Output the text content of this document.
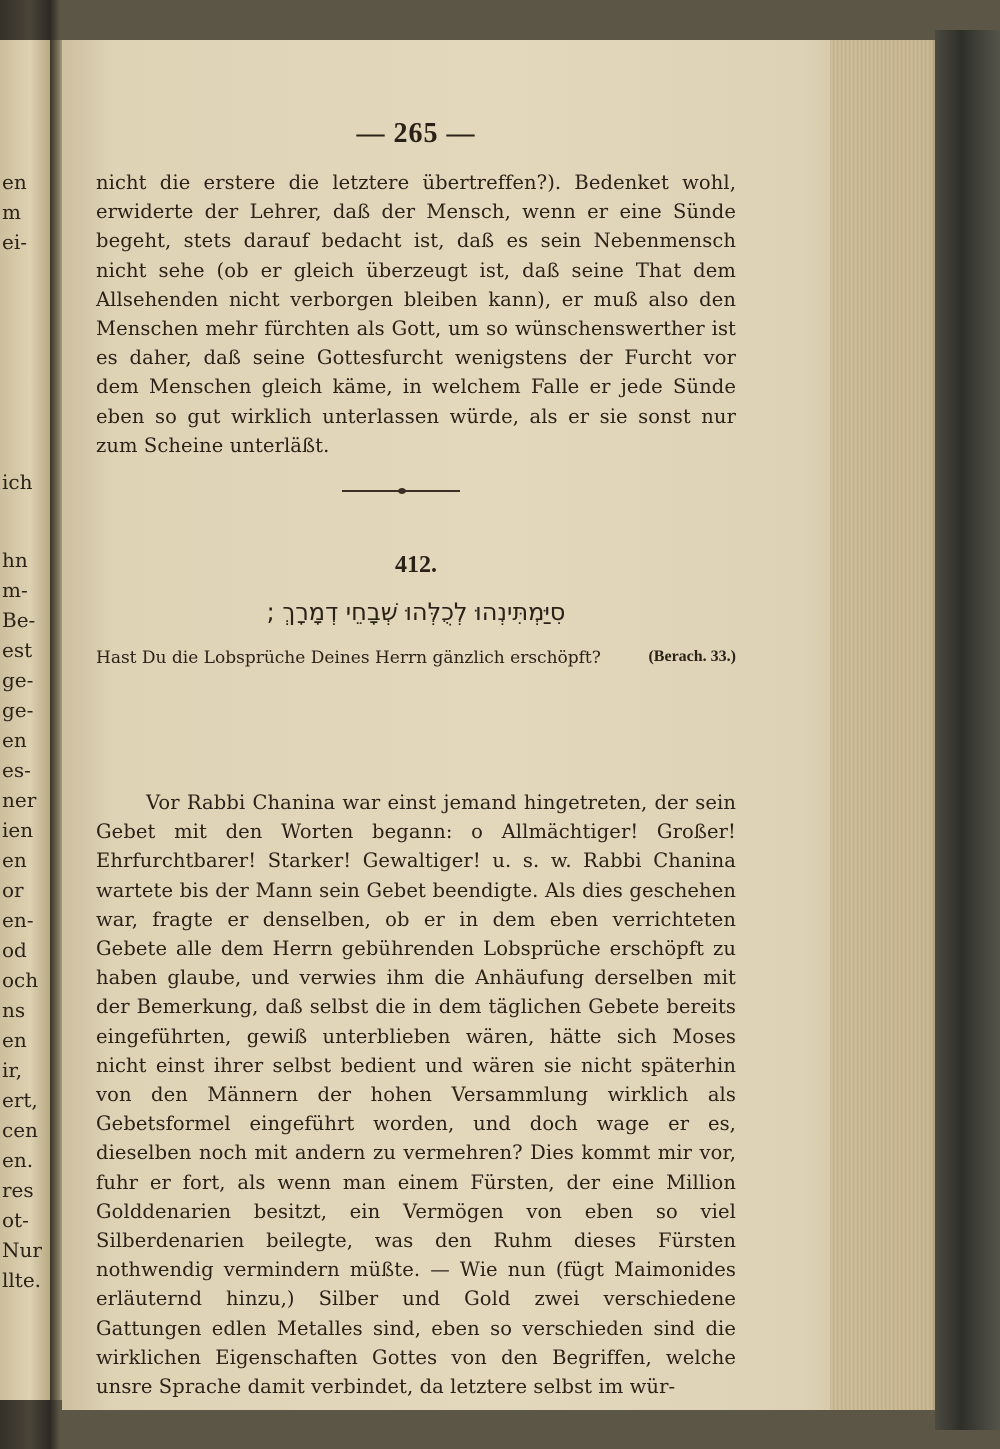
en
m
ei-
ich
hn
m-
Be-
est
ge-
ge-
en
es-
ner
ien
en
or
en-
od
och
ns
en
ir,
ert,
cen
en.
res
ot-
Nur
llte.
— 265 —
nicht die erstere die letztere übertreffen?). Bedenket wohl, erwiderte der Lehrer, daß der Mensch, wenn er eine Sünde begeht, stets darauf bedacht ist, daß es sein Nebenmensch nicht sehe (ob er gleich überzeugt ist, daß seine That dem Allsehenden nicht verborgen bleiben kann), er muß also den Menschen mehr fürchten als Gott, um so wünschenswerther ist es daher, daß seine Gottesfurcht wenigstens der Furcht vor dem Menschen gleich käme, in welchem Falle er jede Sünde eben so gut wirklich unterlassen würde, als er sie sonst nur zum Scheine unterläßt.
412.
סִיַּמְתִּינְהוּ לְכֻלְּהוּ שְׁבָחֵי דְמָרָךְ ;
Hast Du die Lobsprüche Deines Herrn gänzlich erschöpft?	(Berach. 33.)
Vor Rabbi Chanina war einst jemand hingetreten, der sein Gebet mit den Worten begann: o Allmächtiger! Großer! Ehrfurchtbarer! Starker! Gewaltiger! u. s. w. Rabbi Chanina wartete bis der Mann sein Gebet beendigte. Als dies geschehen war, fragte er denselben, ob er in dem eben verrichteten Gebete alle dem Herrn gebührenden Lobsprüche erschöpft zu haben glaube, und verwies ihm die Anhäufung derselben mit der Bemerkung, daß selbst die in dem täglichen Gebete bereits eingeführten, gewiß unterblieben wären, hätte sich Moses nicht einst ihrer selbst bedient und wären sie nicht späterhin von den Männern der hohen Versammlung wirklich als Gebetsformel eingeführt worden, und doch wage er es, dieselben noch mit andern zu vermehren? Dies kommt mir vor, fuhr er fort, als wenn man einem Fürsten, der eine Million Golddenarien besitzt, ein Vermögen von eben so viel Silberdenarien beilegte, was den Ruhm dieses Fürsten nothwendig vermindern müßte. — Wie nun (fügt Maimonides erläuternd hinzu,) Silber und Gold zwei verschiedene Gattungen edlen Metalles sind, eben so verschieden sind die wirklichen Eigenschaften Gottes von den Begriffen, welche unsre Sprache damit verbindet, da letztere selbst im wür-
